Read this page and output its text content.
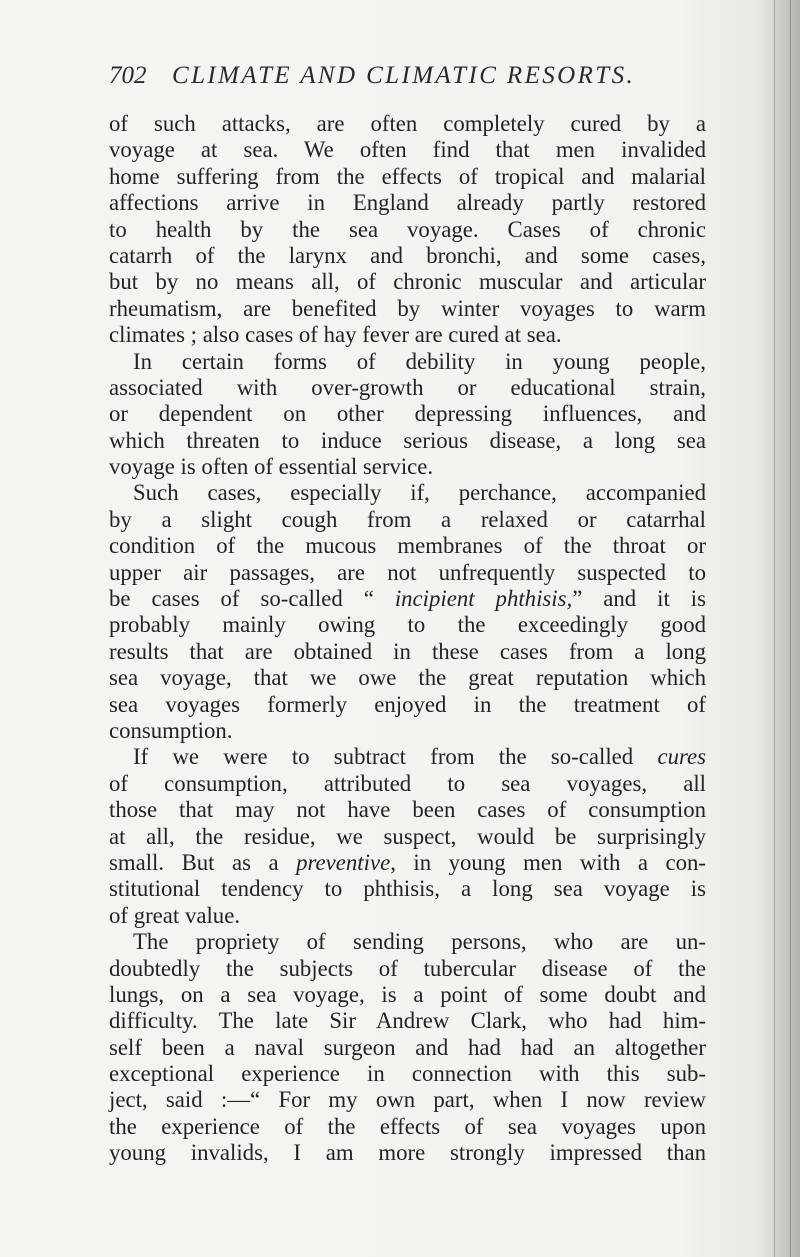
702 CLIMATE AND CLIMATIC RESORTS.
of such attacks, are often completely cured by a
voyage at sea. We often find that men invalided
home suffering from the effects of tropical and malarial
affections arrive in England already partly restored
to health by the sea voyage. Cases of chronic
catarrh of the larynx and bronchi, and some cases,
but by no means all, of chronic muscular and articular
rheumatism, are benefited by winter voyages to warm
climates ; also cases of hay fever are cured at sea.
In certain forms of debility in young people,
associated with over-growth or educational strain,
or dependent on other depressing influences, and
which threaten to induce serious disease, a long sea
voyage is often of essential service.
Such cases, especially if, perchance, accompanied
by a slight cough from a relaxed or catarrhal
condition of the mucous membranes of the throat or
upper air passages, are not unfrequently suspected to
be cases of so-called “ incipient phthisis,” and it is
probably mainly owing to the exceedingly good
results that are obtained in these cases from a long
sea voyage, that we owe the great reputation which
sea voyages formerly enjoyed in the treatment of
consumption.
If we were to subtract from the so-called cures
of consumption, attributed to sea voyages, all
those that may not have been cases of consumption
at all, the residue, we suspect, would be surprisingly
small. But as a preventive, in young men with a con-
stitutional tendency to phthisis, a long sea voyage is
of great value.
The propriety of sending persons, who are un-
doubtedly the subjects of tubercular disease of the
lungs, on a sea voyage, is a point of some doubt and
difficulty. The late Sir Andrew Clark, who had him-
self been a naval surgeon and had had an altogether
exceptional experience in connection with this sub-
ject, said :—“ For my own part, when I now review
the experience of the effects of sea voyages upon
young invalids, I am more strongly impressed than
